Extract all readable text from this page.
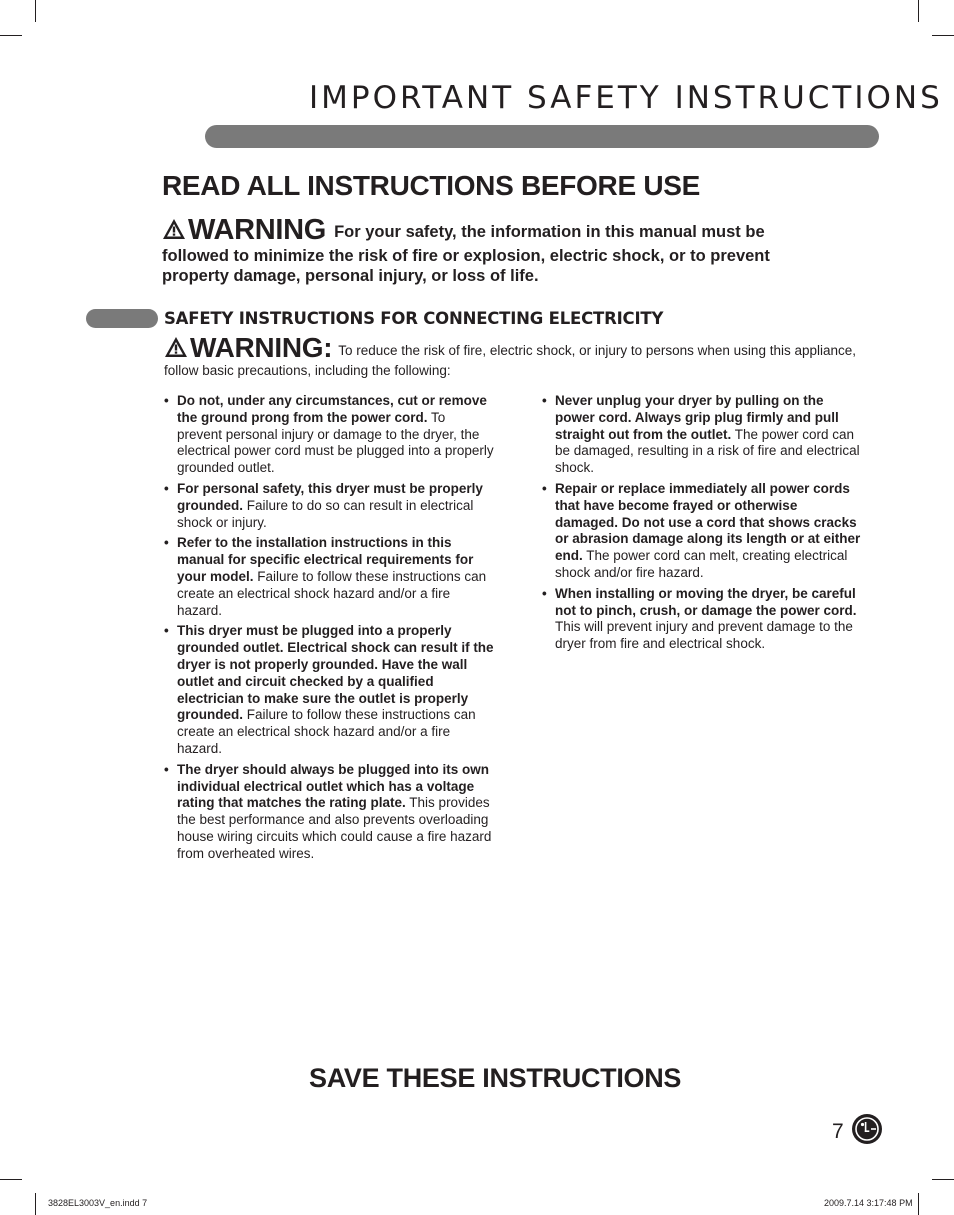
IMPORTANT SAFETY INSTRUCTIONS
READ ALL INSTRUCTIONS BEFORE USE
WARNING For your safety, the information in this manual must be followed to minimize the risk of fire or explosion, electric shock, or to prevent property damage, personal injury, or loss of life.
SAFETY INSTRUCTIONS FOR CONNECTING ELECTRICITY
WARNING: To reduce the risk of fire, electric shock, or injury to persons when using this appliance, follow basic precautions, including the following:
• Do not, under any circumstances, cut or remove the ground prong from the power cord. To prevent personal injury or damage to the dryer, the electrical power cord must be plugged into a properly grounded outlet.
• For personal safety, this dryer must be properly grounded. Failure to do so can result in electrical shock or injury.
• Refer to the installation instructions in this manual for specific electrical requirements for your model. Failure to follow these instructions can create an electrical shock hazard and/or a fire hazard.
• This dryer must be plugged into a properly grounded outlet. Electrical shock can result if the dryer is not properly grounded. Have the wall outlet and circuit checked by a qualified electrician to make sure the outlet is properly grounded. Failure to follow these instructions can create an electrical shock hazard and/or a fire hazard.
• The dryer should always be plugged into its own individual electrical outlet which has a voltage rating that matches the rating plate. This provides the best performance and also prevents overloading house wiring circuits which could cause a fire hazard from overheated wires.
• Never unplug your dryer by pulling on the power cord. Always grip plug firmly and pull straight out from the outlet. The power cord can be damaged, resulting in a risk of fire and electrical shock.
• Repair or replace immediately all power cords that have become frayed or otherwise damaged. Do not use a cord that shows cracks or abrasion damage along its length or at either end. The power cord can melt, creating electrical shock and/or fire hazard.
• When installing or moving the dryer, be careful not to pinch, crush, or damage the power cord. This will prevent injury and prevent damage to the dryer from fire and electrical shock.
SAVE THESE INSTRUCTIONS
7
3828EL3003V_en.indd 7	2009.7.14 3:17:48 PM
